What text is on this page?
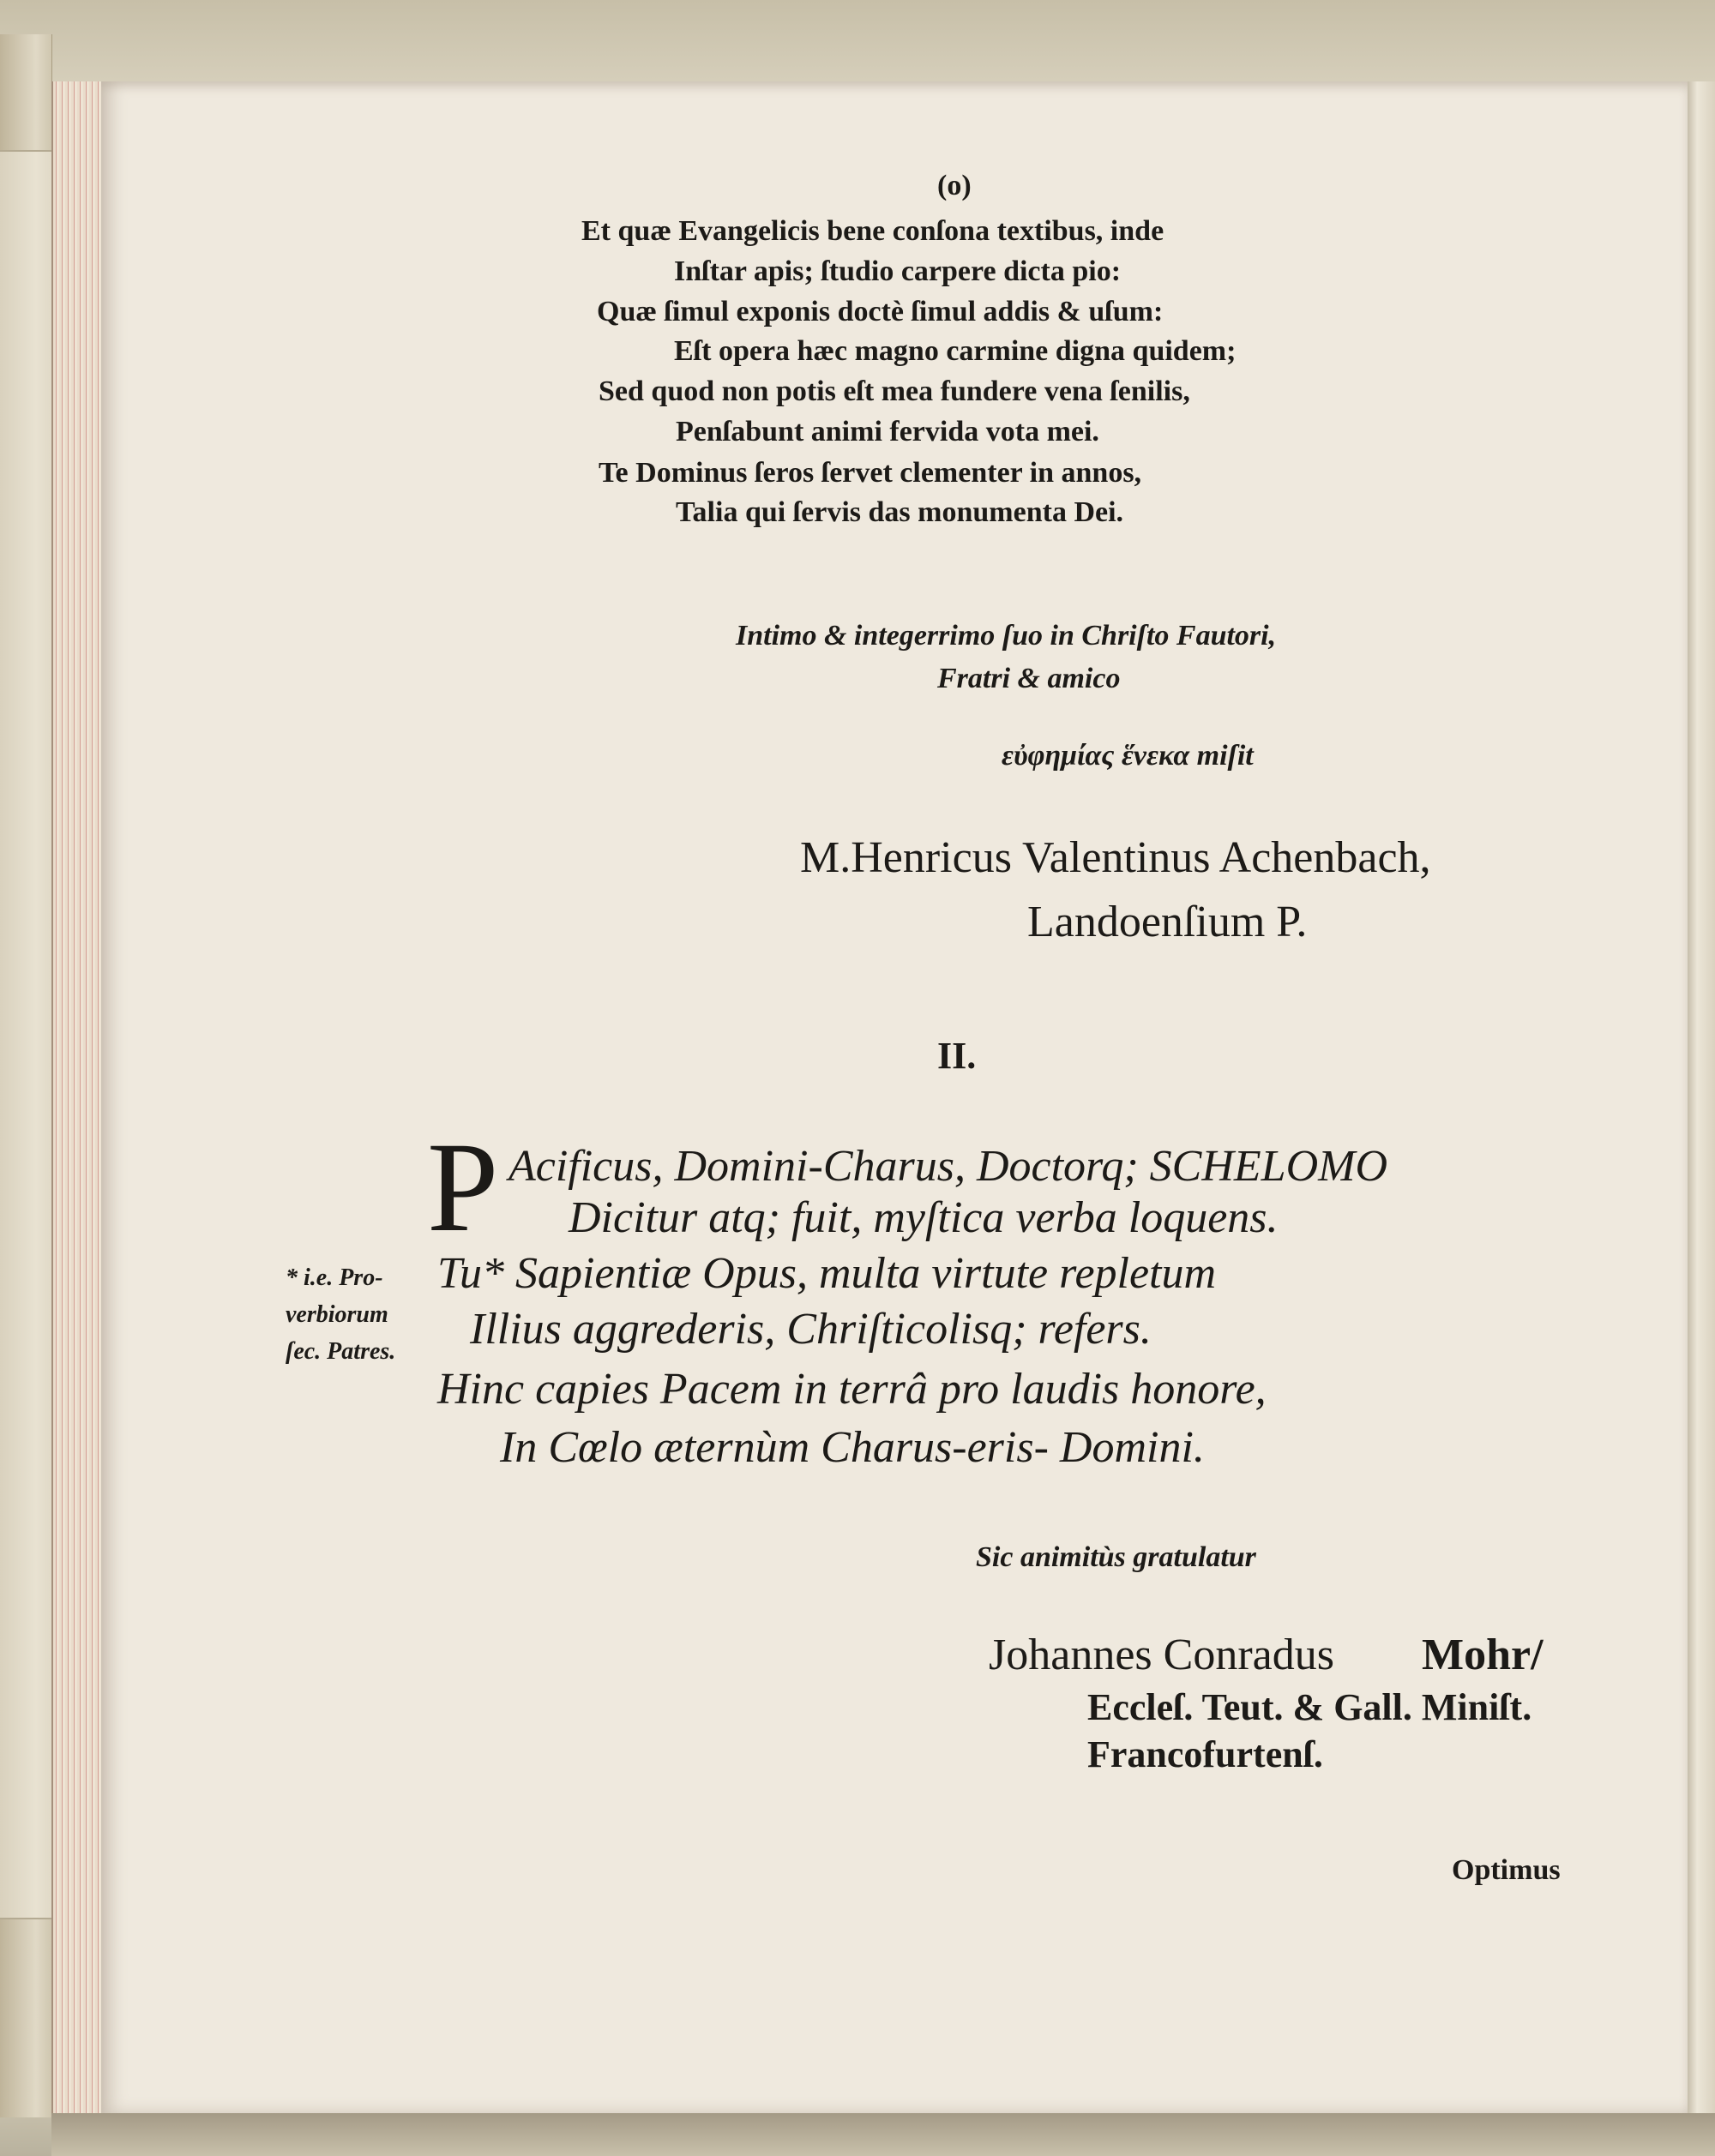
(o)
Et quæ Evangelicis bene conſona textibus, inde
Inſtar apis; ſtudio carpere dicta pio:
Quæ ſimul exponis doctè ſimul addis & uſum:
Eſt opera hæc magno carmine digna quidem;
Sed quod non potis eſt mea fundere vena ſenilis,
Penſabunt animi fervida vota mei.
Te Dominus ſeros ſervet clementer in annos,
Talia qui ſervis das monumenta Dei.
Intimo & integerrimo ſuo in Chriſto Fautori,
Fratri & amico
εὐφημίας ἕνεκα miſit
M.Henricus Valentinus Achenbach,
Landoenſium P.
II.
P Acificus, Domini-Charus, Doctorq; SCHELOMO
Dicitur atq; fuit, myſtica verba loquens.
Tu* Sapientiæ Opus, multa virtute repletum
Illius aggrederis, Chriſticolisq; refers.
Hinc capies Pacem in terrâ pro laudis honore,
In Cœlo æternùm Charus-eris- Domini.
* i.e. Pro-
verbiorum
ſec. Patres.
Sic animitùs gratulatur
Johannes Conradus Mohr/
Eccleſ. Teut. & Gall. Miniſt.
Francofurtenſ.
Optimus
